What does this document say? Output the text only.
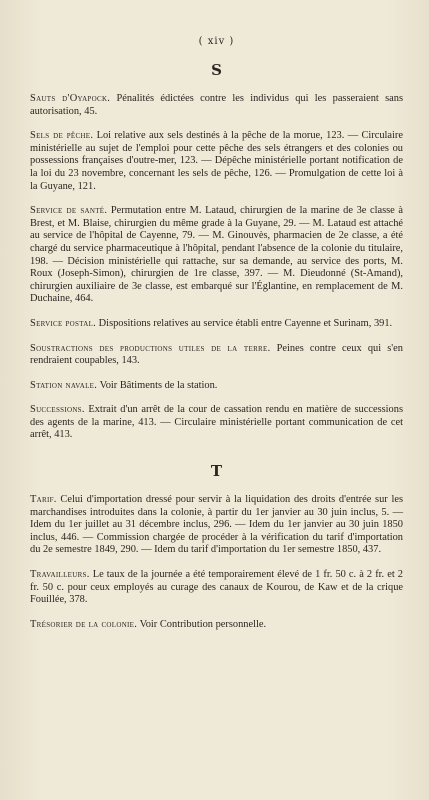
( xiv )
S

Sauts d'Oyapock. Pénalités édictées contre les individus qui les passeraient sans autorisation, 45.

Sels de pêche. Loi relative aux sels destinés à la pêche de la morue, 123. — Circulaire ministérielle au sujet de l'emploi pour cette pêche des sels étrangers et des colonies ou possessions françaises d'outre-mer, 123. — Dépêche ministérielle portant notification de la loi du 23 novembre, concernant les sels de pêche, 126. — Promulgation de cette loi à la Guyane, 121.

Service de santé. Permutation entre M. Lataud, chirurgien de la marine de 3e classe à Brest, et M. Blaise, chirurgien du même grade à la Guyane, 29. — M. Lataud est attaché au service de l'hôpital de Cayenne, 79. — M. Ginouvès, pharmacien de 2e classe, a été chargé du service pharmaceutique à l'hôpital, pendant l'absence de la colonie du titulaire, 198. — Décision ministérielle qui rattache, sur sa demande, au service des ports, M. Roux (Joseph-Simon), chirurgien de 1re classe, 397. — M. Dieudonné (St-Amand), chirurgien auxiliaire de 3e classe, est embarqué sur l'Églantine, en remplacement de M. Duchaine, 464.

Service postal. Dispositions relatives au service établi entre Cayenne et Surinam, 391.

Soustractions des productions utiles de la terre. Peines contre ceux qui s'en rendraient coupables, 143.

Station navale. Voir Bâtiments de la station.

Successions. Extrait d'un arrêt de la cour de cassation rendu en matière de successions des agents de la marine, 413. — Circulaire ministérielle portant communication de cet arrêt, 413.

T

Tarif. Celui d'importation dressé pour servir à la liquidation des droits d'entrée sur les marchandises introduites dans la colonie, à partir du 1er janvier au 30 juin inclus, 5. — Idem du 1er juillet au 31 décembre inclus, 296. — Idem du 1er janvier au 30 juin 1850 inclus, 446. — Commission chargée de procéder à la vérification du tarif d'importation du 2e semestre 1849, 290. — Idem du tarif d'importation du 1er semestre 1850, 437.

Travailleurs. Le taux de la journée a été temporairement élevé de 1 fr. 50 c. à 2 fr. et 2 fr. 50 c. pour ceux employés au curage des canaux de Kourou, de Kaw et de la crique Fouillée, 378.

Trésorier de la colonie. Voir Contribution personnelle.
